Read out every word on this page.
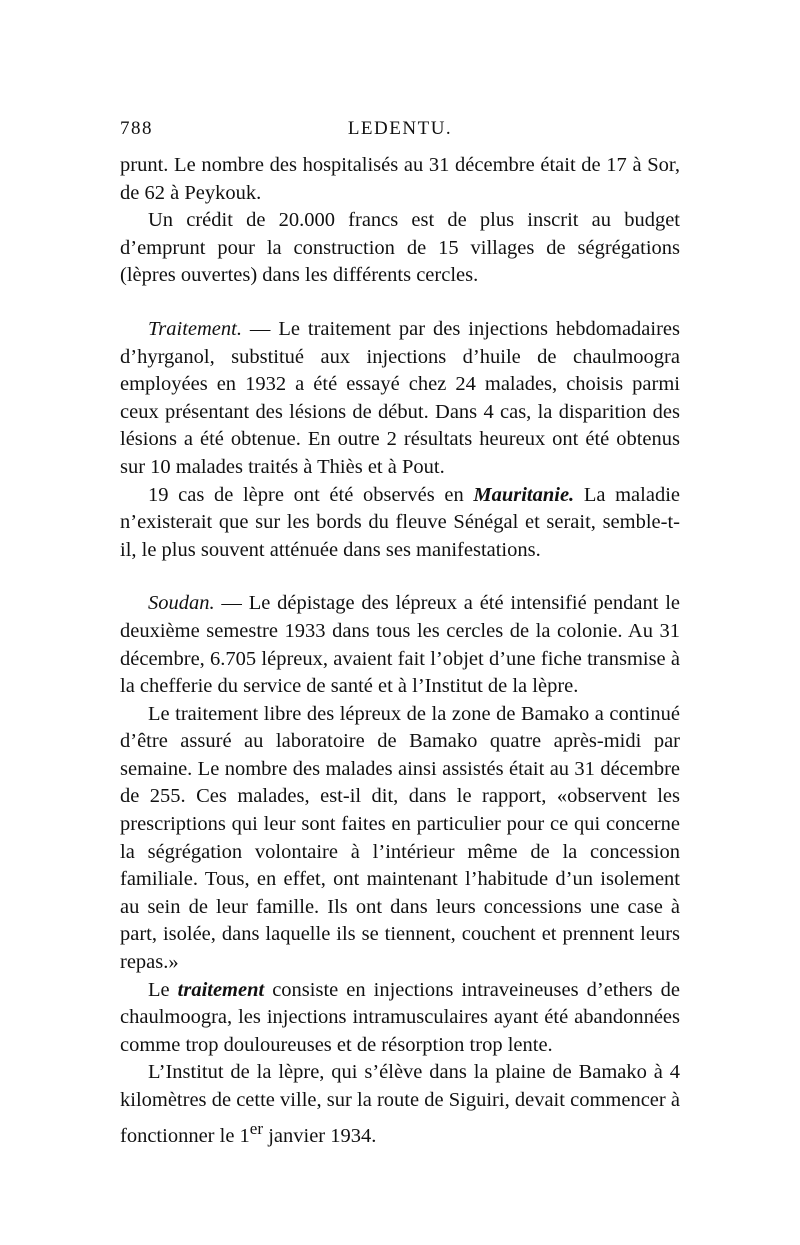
788	LEDENTU.

prunt. Le nombre des hospitalisés au 31 décembre était de 17 à Sor, de 62 à Peykouk.

Un crédit de 20.000 francs est de plus inscrit au budget d’emprunt pour la construction de 15 villages de ségrégations (lèpres ouvertes) dans les différents cercles.

Traitement. — Le traitement par des injections hebdomadaires d’hyrganol, substitué aux injections d’huile de chaulmoogra employées en 1932 a été essayé chez 24 malades, choisis parmi ceux présentant des lésions de début. Dans 4 cas, la disparition des lésions a été obtenue. En outre 2 résultats heureux ont été obtenus sur 10 malades traités à Thiès et à Pout.

19 cas de lèpre ont été observés en Mauritanie. La maladie n’existerait que sur les bords du fleuve Sénégal et serait, semble-t-il, le plus souvent atténuée dans ses manifestations.

Soudan. — Le dépistage des lépreux a été intensifié pendant le deuxième semestre 1933 dans tous les cercles de la colonie. Au 31 décembre, 6.705 lépreux, avaient fait l’objet d’une fiche transmise à la chefferie du service de santé et à l’Institut de la lèpre.

Le traitement libre des lépreux de la zone de Bamako a continué d’être assuré au laboratoire de Bamako quatre après-midi par semaine. Le nombre des malades ainsi assistés était au 31 décembre de 255. Ces malades, est-il dit, dans le rapport, «observent les prescriptions qui leur sont faites en particulier pour ce qui concerne la ségrégation volontaire à l’intérieur même de la concession familiale. Tous, en effet, ont maintenant l’habitude d’un isolement au sein de leur famille. Ils ont dans leurs concessions une case à part, isolée, dans laquelle ils se tiennent, couchent et prennent leurs repas.»

Le traitement consiste en injections intraveineuses d’ethers de chaulmoogra, les injections intramusculaires ayant été abandonnées comme trop douloureuses et de résorption trop lente.

L’Institut de la lèpre, qui s’élève dans la plaine de Bamako à 4 kilomètres de cette ville, sur la route de Siguiri, devait commencer à fonctionner le 1er janvier 1934.
